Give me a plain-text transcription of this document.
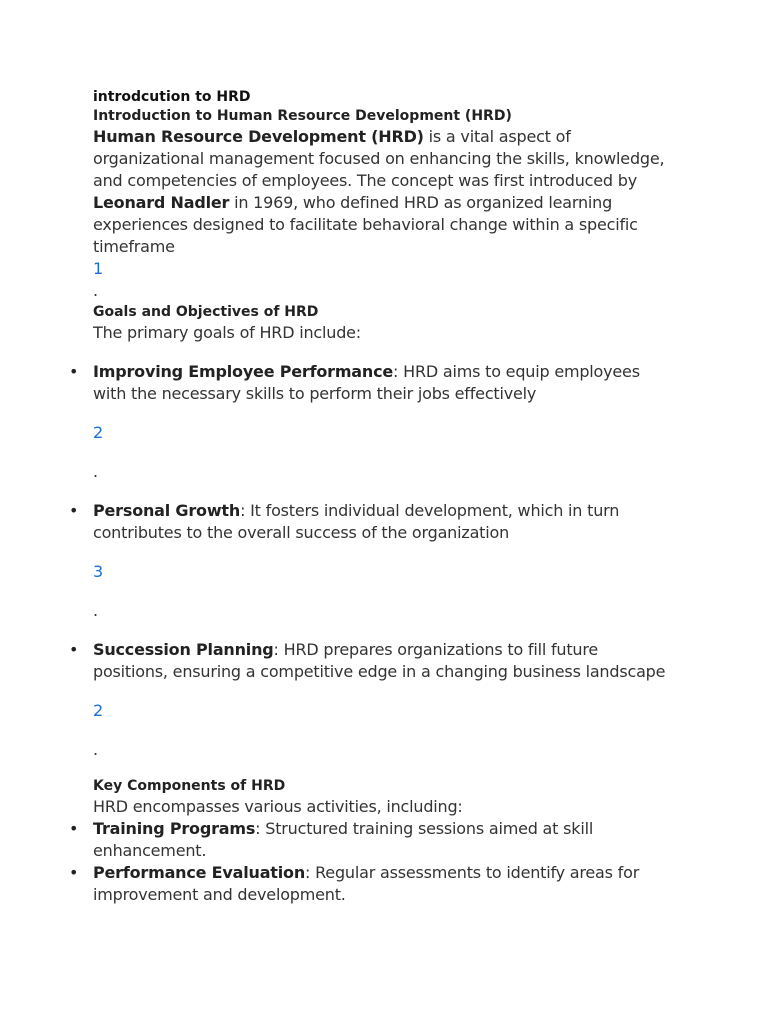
introdcution to HRD
Introduction to Human Resource Development (HRD)
Human Resource Development (HRD) is a vital aspect of organizational management focused on enhancing the skills, knowledge, and competencies of employees. The concept was first introduced by Leonard Nadler in 1969, who defined HRD as organized learning experiences designed to facilitate behavioral change within a specific timeframe
1
.
Goals and Objectives of HRD
The primary goals of HRD include:
• Improving Employee Performance: HRD aims to equip employees with the necessary skills to perform their jobs effectively
2
.
• Personal Growth: It fosters individual development, which in turn contributes to the overall success of the organization
3
.
• Succession Planning: HRD prepares organizations to fill future positions, ensuring a competitive edge in a changing business landscape
2
.
Key Components of HRD
HRD encompasses various activities, including:
• Training Programs: Structured training sessions aimed at skill enhancement.
• Performance Evaluation: Regular assessments to identify areas for improvement and development.
